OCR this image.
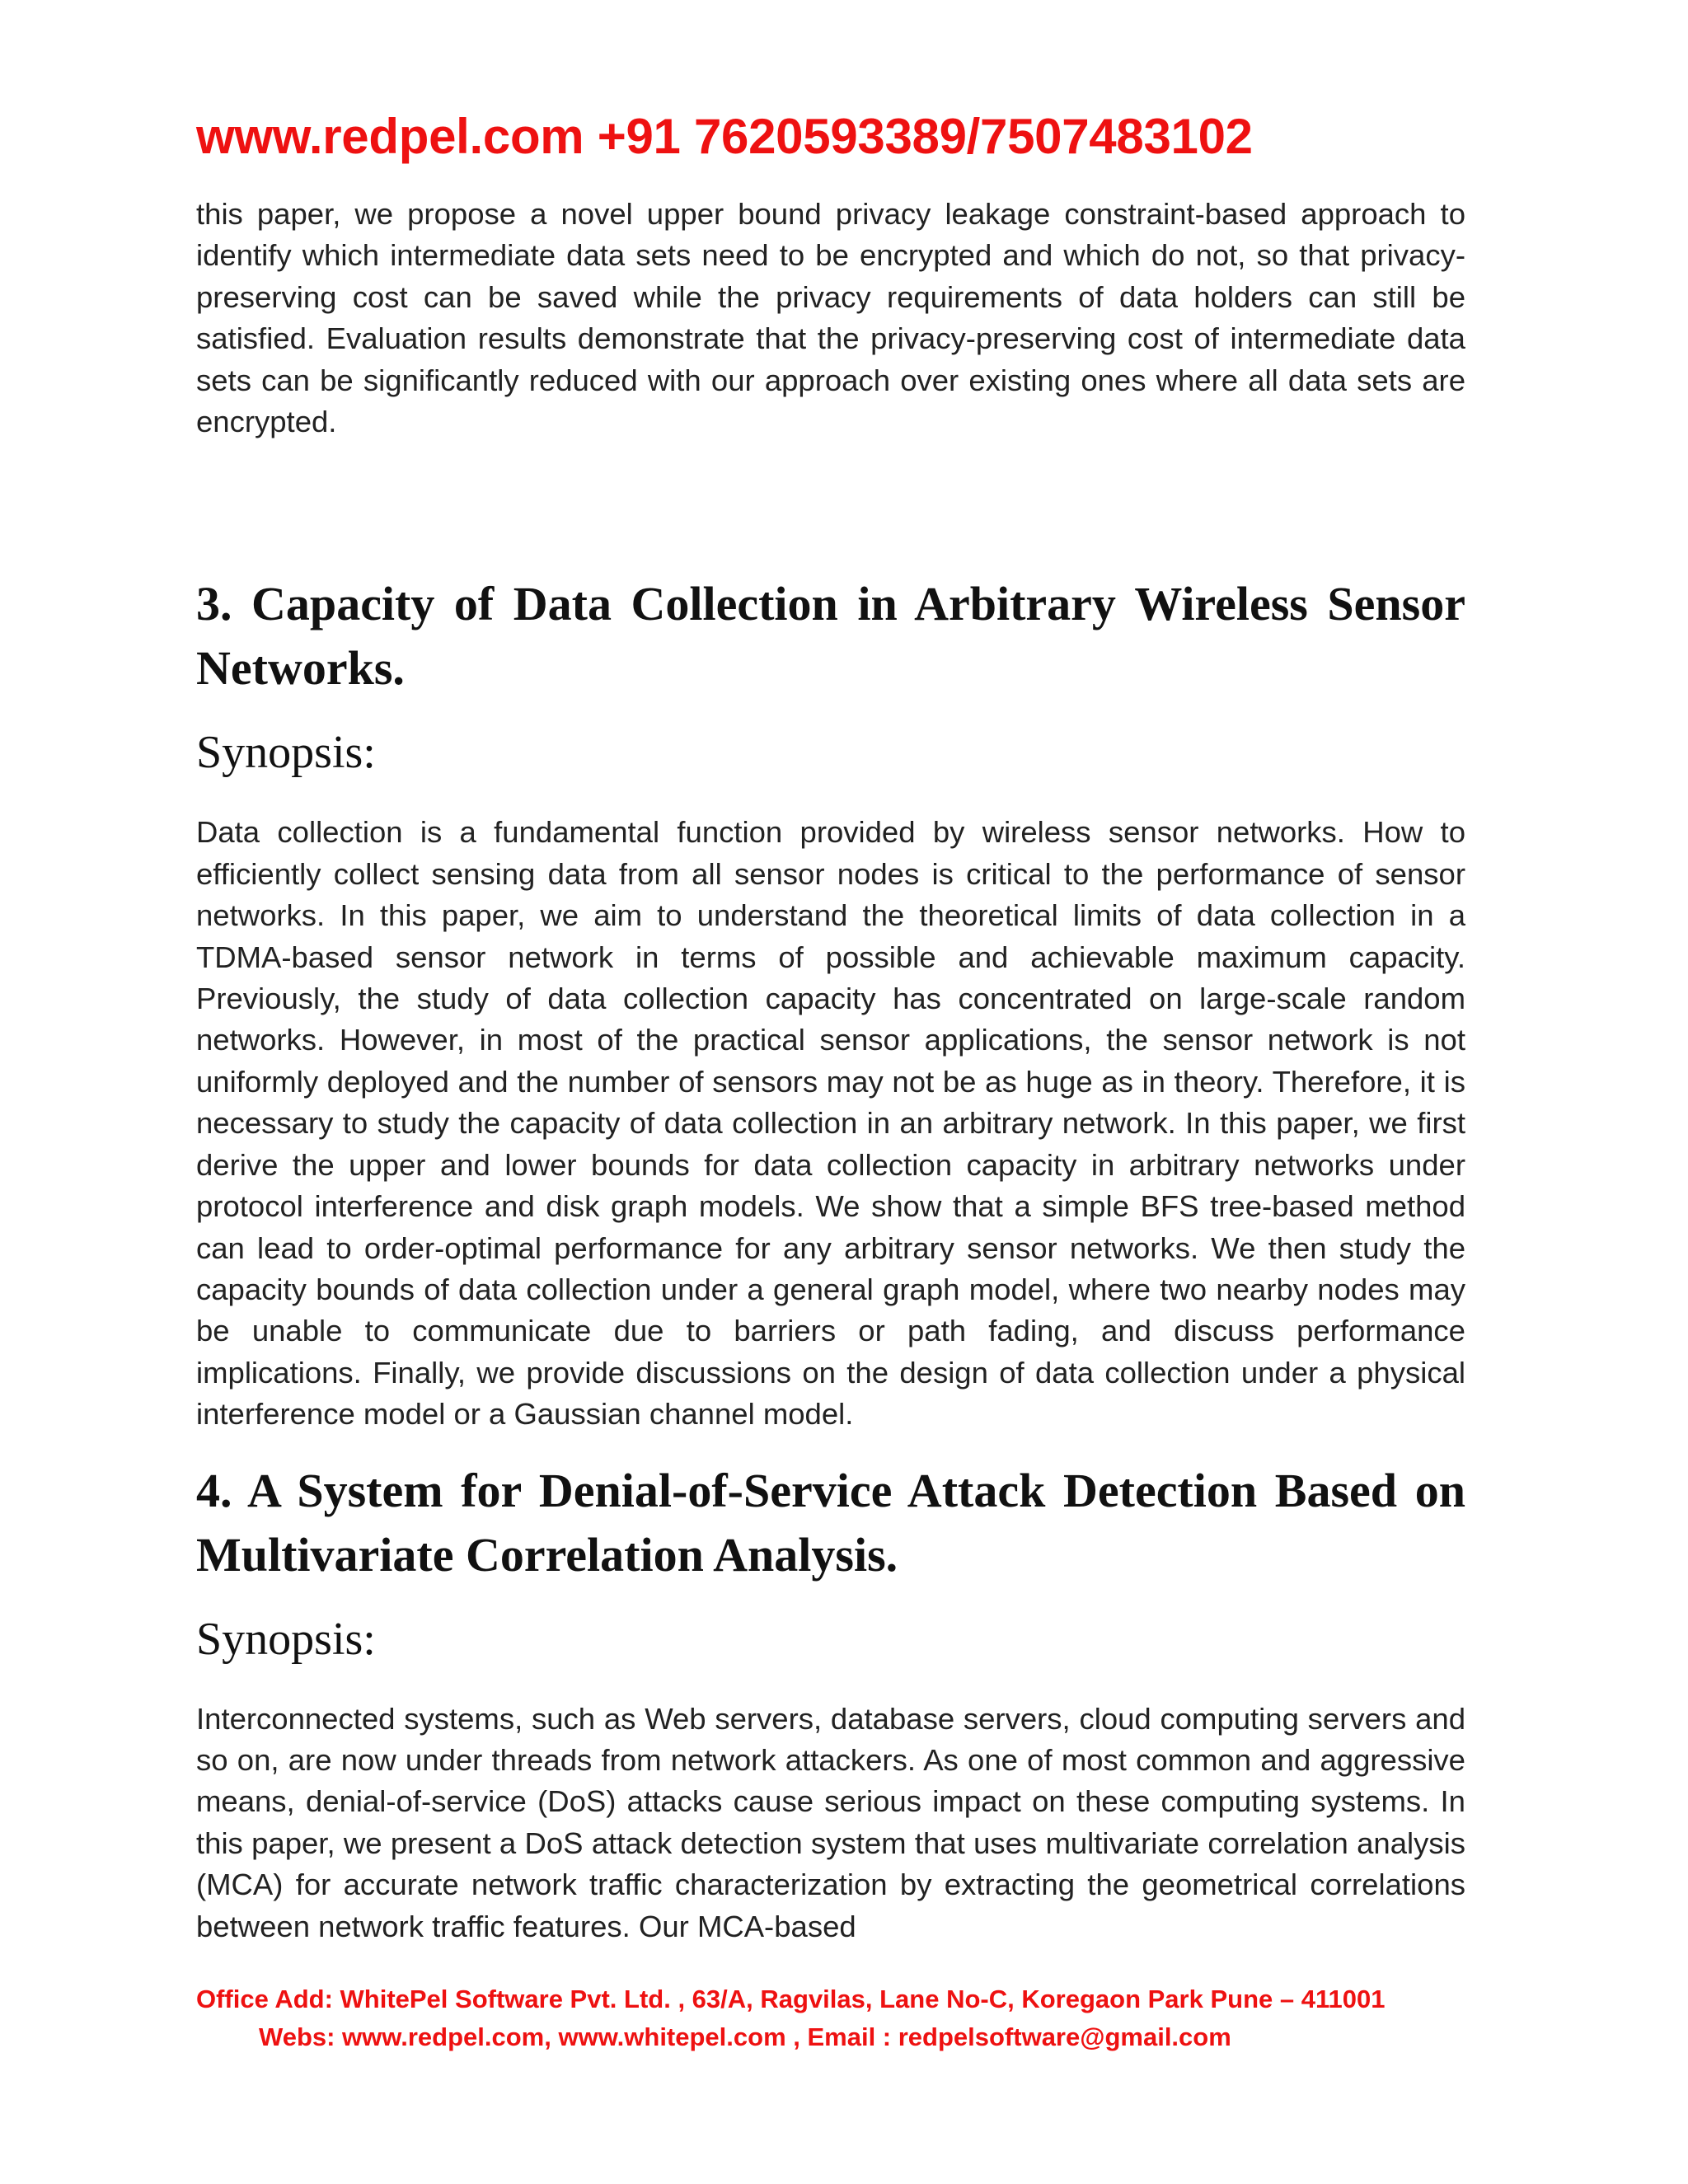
www.redpel.com +91 7620593389/7507483102

this paper, we propose a novel upper bound privacy leakage constraint-based approach to identify which intermediate data sets need to be encrypted and which do not, so that privacy-preserving cost can be saved while the privacy requirements of data holders can still be satisfied. Evaluation results demonstrate that the privacy-preserving cost of intermediate data sets can be significantly reduced with our approach over existing ones where all data sets are encrypted.

3. Capacity of Data Collection in Arbitrary Wireless Sensor Networks.
Synopsis:

Data collection is a fundamental function provided by wireless sensor networks. How to efficiently collect sensing data from all sensor nodes is critical to the performance of sensor networks. In this paper, we aim to understand the theoretical limits of data collection in a TDMA-based sensor network in terms of possible and achievable maximum capacity. Previously, the study of data collection capacity has concentrated on large-scale random networks. However, in most of the practical sensor applications, the sensor network is not uniformly deployed and the number of sensors may not be as huge as in theory. Therefore, it is necessary to study the capacity of data collection in an arbitrary network. In this paper, we first derive the upper and lower bounds for data collection capacity in arbitrary networks under protocol interference and disk graph models. We show that a simple BFS tree-based method can lead to order-optimal performance for any arbitrary sensor networks. We then study the capacity bounds of data collection under a general graph model, where two nearby nodes may be unable to communicate due to barriers or path fading, and discuss performance implications. Finally, we provide discussions on the design of data collection under a physical interference model or a Gaussian channel model.

4. A System for Denial-of-Service Attack Detection Based on Multivariate Correlation Analysis.
Synopsis:

Interconnected systems, such as Web servers, database servers, cloud computing servers and so on, are now under threads from network attackers. As one of most common and aggressive means, denial-of-service (DoS) attacks cause serious impact on these computing systems. In this paper, we present a DoS attack detection system that uses multivariate correlation analysis (MCA) for accurate network traffic characterization by extracting the geometrical correlations between network traffic features. Our MCA-based

Office Add: WhitePel Software Pvt. Ltd. , 63/A, Ragvilas, Lane No-C, Koregaon Park Pune – 411001
Webs: www.redpel.com, www.whitepel.com , Email : redpelsoftware@gmail.com
